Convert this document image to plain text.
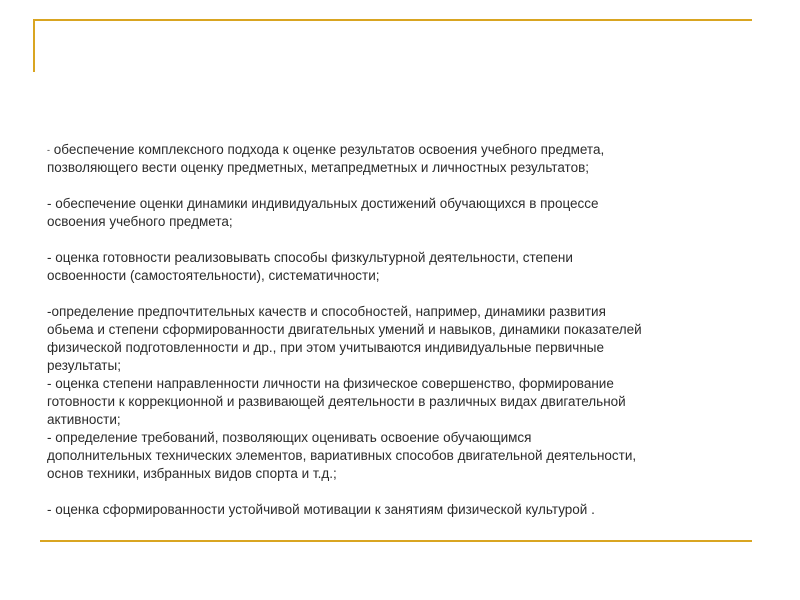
- обеспечение комплексного подхода к оценке результатов освоения учебного предмета,
позволяющего вести оценку предметных, метапредметных и личностных результатов;

- обеспечение оценки динамики индивидуальных достижений обучающихся в процессе
освоения учебного предмета;

- оценка готовности реализовывать способы физкультурной деятельности, степени
освоенности (самостоятельности), систематичности;

-определение предпочтительных качеств и способностей, например, динамики развития
обьема и степени сформированности двигательных умений и навыков, динамики показателей
физической подготовленности и др., при этом учитываются индивидуальные первичные
результаты;

- оценка степени направленности личности на физическое совершенство, формирование
готовности к коррекционной и развивающей деятельности в различных видах двигательной
активности;

- определение требований, позволяющих оценивать освоение обучающимся
дополнительных технических элементов, вариативных способов двигательной деятельности,
основ техники, избранных видов спорта и т.д.;

- оценка сформированности устойчивой мотивации к занятиям физической культурой .
